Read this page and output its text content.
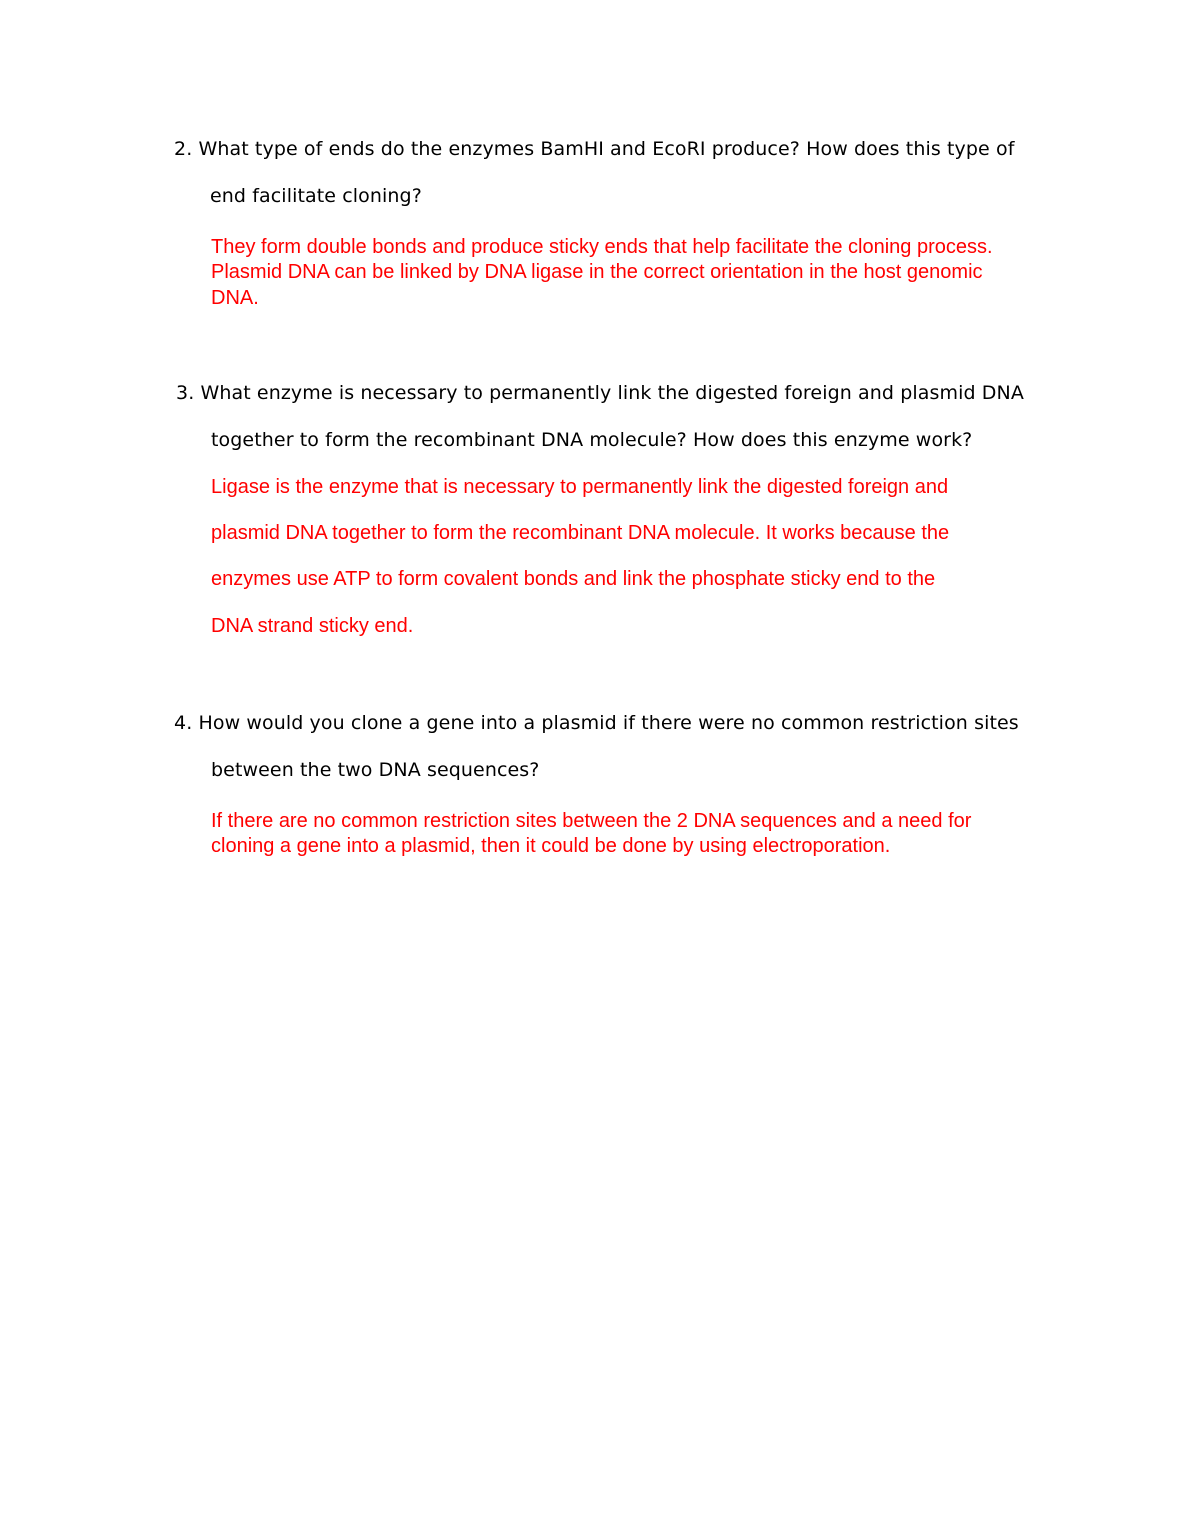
2. What type of ends do the enzymes BamHI and EcoRI produce? How does this type of

end facilitate cloning?

They form double bonds and produce sticky ends that help facilitate the cloning process.

Plasmid DNA can be linked by DNA ligase in the correct orientation in the host genomic

DNA.

3. What enzyme is necessary to permanently link the digested foreign and plasmid DNA

together to form the recombinant DNA molecule? How does this enzyme work?

Ligase is the enzyme that is necessary to permanently link the digested foreign and

plasmid DNA together to form the recombinant DNA molecule. It works because the

enzymes use ATP to form covalent bonds and link the phosphate sticky end to the

DNA strand sticky end.

4. How would you clone a gene into a plasmid if there were no common restriction sites

between the two DNA sequences?

If there are no common restriction sites between the 2 DNA sequences and a need for

cloning a gene into a plasmid, then it could be done by using electroporation.
